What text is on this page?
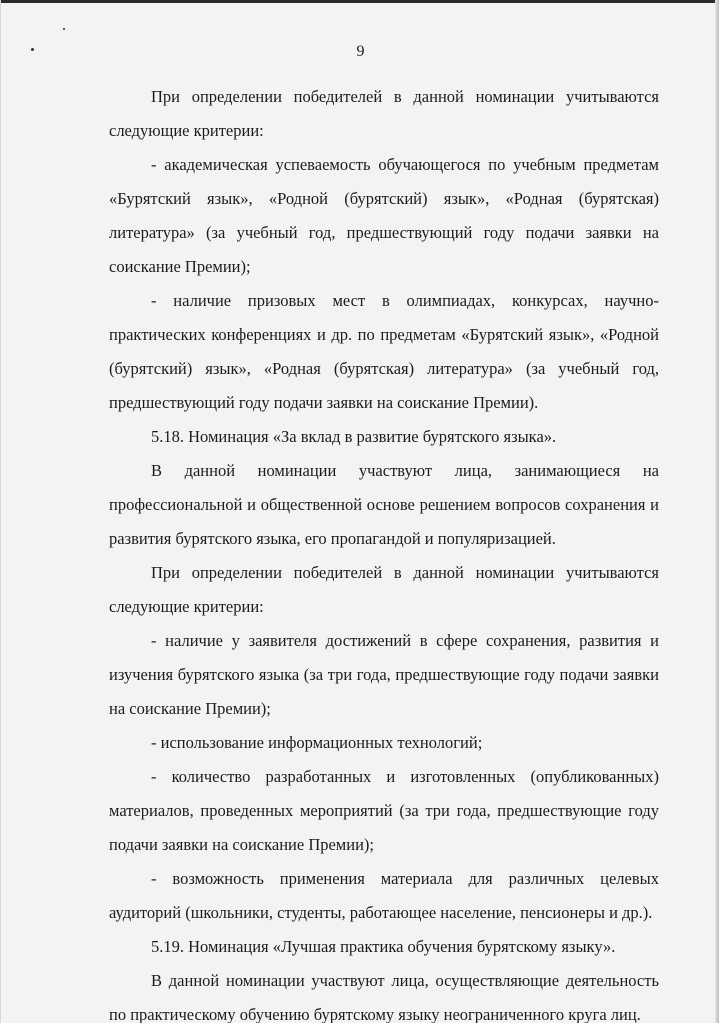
9

При определении победителей в данной номинации учитываются следующие критерии:

- академическая успеваемость обучающегося по учебным предметам «Бурятский язык», «Родной (бурятский) язык», «Родная (бурятская) литература» (за учебный год, предшествующий году подачи заявки на соискание Премии);

- наличие призовых мест в олимпиадах, конкурсах, научно-практических конференциях и др. по предметам «Бурятский язык», «Родной (бурятский) язык», «Родная (бурятская) литература» (за учебный год, предшествующий году подачи заявки на соискание Премии).

5.18. Номинация «За вклад в развитие бурятского языка».

В данной номинации участвуют лица, занимающиеся на профессиональной и общественной основе решением вопросов сохранения и развития бурятского языка, его пропагандой и популяризацией.

При определении победителей в данной номинации учитываются следующие критерии:

- наличие у заявителя достижений в сфере сохранения, развития и изучения бурятского языка (за три года, предшествующие году подачи заявки на соискание Премии);

- использование информационных технологий;

- количество разработанных и изготовленных (опубликованных) материалов, проведенных мероприятий (за три года, предшествующие году подачи заявки на соискание Премии);

- возможность применения материала для различных целевых аудиторий (школьники, студенты, работающее население, пенсионеры и др.).

5.19. Номинация «Лучшая практика обучения бурятскому языку».

В данной номинации участвуют лица, осуществляющие деятельность по практическому обучению бурятскому языку неограниченного круга лиц.
